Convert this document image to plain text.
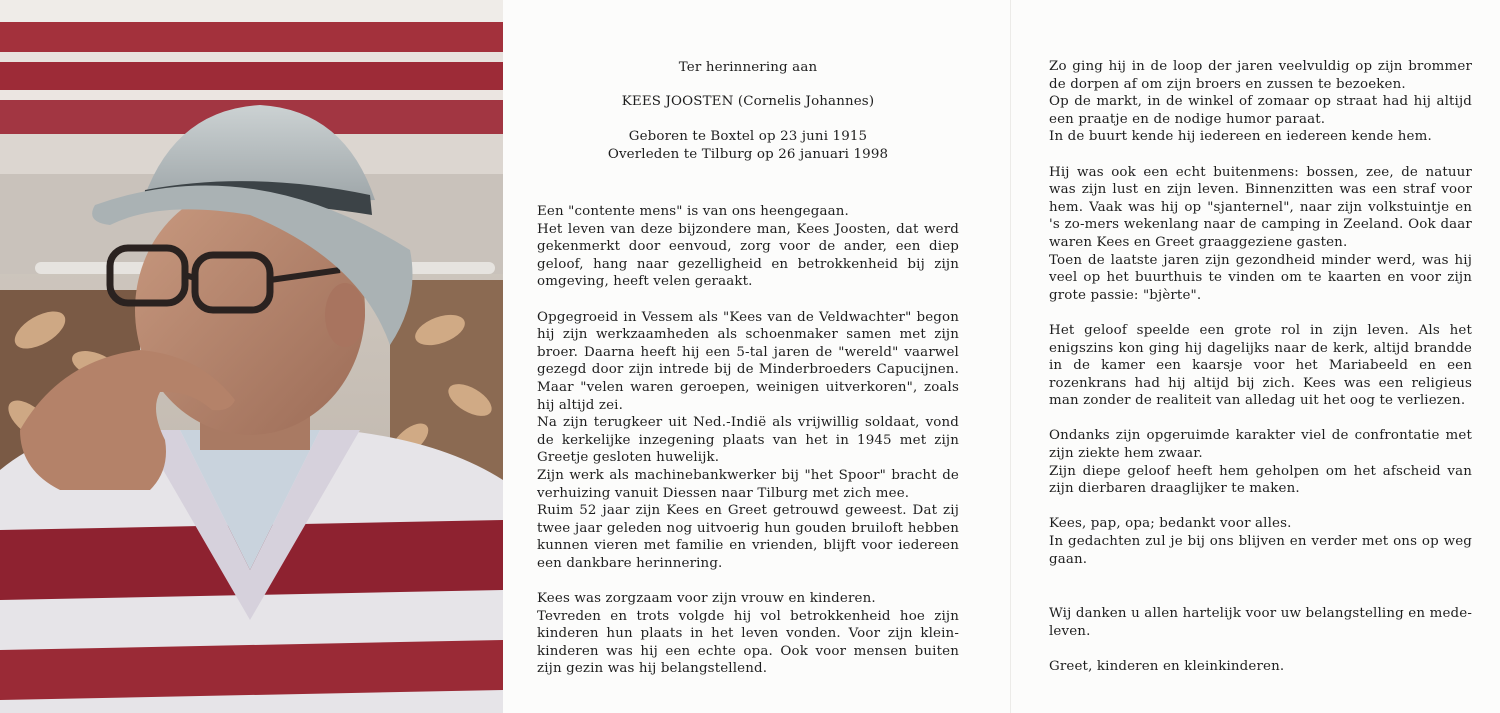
Ter herinnering aan
KEES JOOSTEN (Cornelis Johannes)
Geboren te Boxtel op 23 juni 1915
Overleden te Tilburg op 26 januari 1998

Een "contente mens" is van ons heengegaan.

Het leven van deze bijzondere man, Kees Joosten, dat werd gekenmerkt door eenvoud, zorg voor de ander, een diep geloof, hang naar gezelligheid en betrokkenheid bij zijn omgeving, heeft velen geraakt.

Opgegroeid in Vessem als "Kees van de Veldwachter" begon hij zijn werkzaamheden als schoenmaker samen met zijn broer. Daarna heeft hij een 5-tal jaren de "wereld" vaarwel gezegd door zijn intrede bij de Minderbroeders Capucijnen. Maar "velen waren geroepen, weinigen uitverkoren", zoals hij altijd zei.

Na zijn terugkeer uit Ned.-Indië als vrijwillig soldaat, vond de kerkelijke inzegening plaats van het in 1945 met zijn Greetje gesloten huwelijk.

Zijn werk als machinebankwerker bij "het Spoor" bracht de verhuizing vanuit Diessen naar Tilburg met zich mee.

Ruim 52 jaar zijn Kees en Greet getrouwd geweest. Dat zij twee jaar geleden nog uitvoerig hun gouden bruiloft hebben kunnen vieren met familie en vrienden, blijft voor iedereen een dankbare herinnering.

Kees was zorgzaam voor zijn vrouw en kinderen.

Tevreden en trots volgde hij vol betrokkenheid hoe zijn kinderen hun plaats in het leven vonden. Voor zijn klein-kinderen was hij een echte opa. Ook voor mensen buiten zijn gezin was hij belangstellend.

Zo ging hij in de loop der jaren veelvuldig op zijn brommer de dorpen af om zijn broers en zussen te bezoeken.

Op de markt, in de winkel of zomaar op straat had hij altijd een praatje en de nodige humor paraat.

In de buurt kende hij iedereen en iedereen kende hem.

Hij was ook een echt buitenmens: bossen, zee, de natuur was zijn lust en zijn leven. Binnenzitten was een straf voor hem. Vaak was hij op "sjanternel", naar zijn volkstuintje en 's zo-mers wekenlang naar de camping in Zeeland. Ook daar waren Kees en Greet graaggeziene gasten.

Toen de laatste jaren zijn gezondheid minder werd, was hij veel op het buurthuis te vinden om te kaarten en voor zijn grote passie: "bjèrte".

Het geloof speelde een grote rol in zijn leven. Als het enigszins kon ging hij dagelijks naar de kerk, altijd brandde in de kamer een kaarsje voor het Mariabeeld en een rozenkrans had hij altijd bij zich. Kees was een religieus man zonder de realiteit van alledag uit het oog te verliezen.

Ondanks zijn opgeruimde karakter viel de confrontatie met zijn ziekte hem zwaar.

Zijn diepe geloof heeft hem geholpen om het afscheid van zijn dierbaren draaglijker te maken.

Kees, pap, opa; bedankt voor alles.

In gedachten zul je bij ons blijven en verder met ons op weg gaan.

Wij danken u allen hartelijk voor uw belangstelling en mede-leven.

Greet, kinderen en kleinkinderen.
